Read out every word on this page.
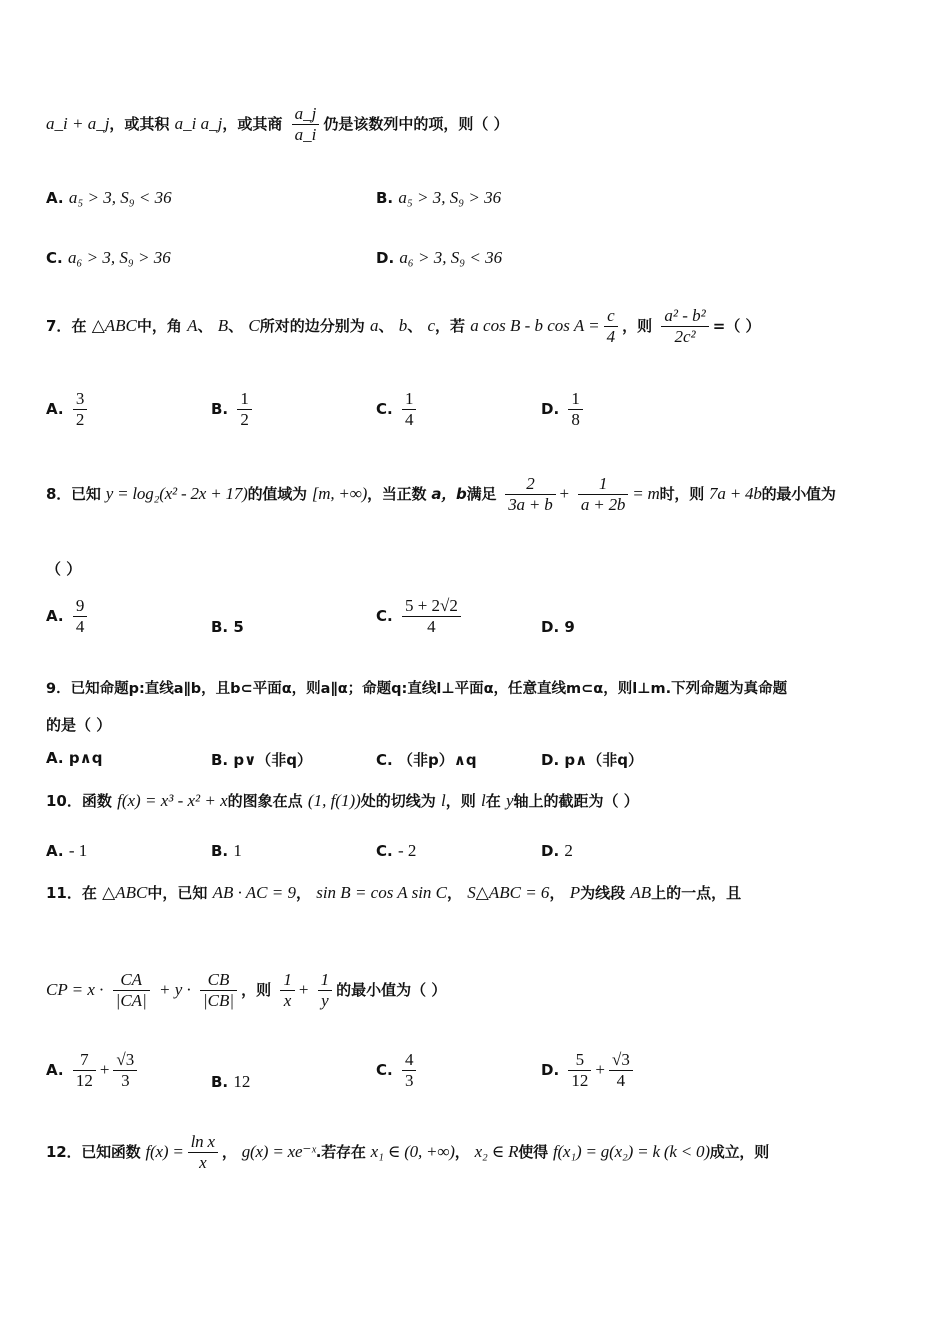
a_i + a_j，或其积 a_i a_j，或其商 $\frac{a\_j}{a\_i}$ 仍是该数列中的项，则（ ）
A. a₅ > 3, S₉ < 36	B. a₅ > 3, S₉ > 36
C. a₆ > 3, S₉ > 36	D. a₆ > 3, S₉ < 36
7．在 △ABC中，角 A、 B、 C所对的边分别为 a、 b、 c，若 a cos B - b $\cos A = \frac{c}{4}$ ，则 $\frac{\text{a² - b²}}{\text{2c²}}$ =（ ）
A. $\frac{3}{2}$	B. $\frac{1}{2}$	C. $\frac{1}{4}$	D. $\frac{1}{8}$
8．已知 y = log₂(x² - 2x + 17)的值域为 [m, +∞)，当正数 a，b满足 $\frac{2}{3a + b} + \frac{1}{a + 2b} = m$时，则 7a + 4b的最小值为
（ ）
A. $\frac{9}{4}$	B. 5
C. $\frac{5 + 2√2}{4}$	D. 9
9．已知命题p:直线a∥b，且b⊂平面α，则a∥α；命题q:直线l⊥平面α，任意直线m⊂α，则l⊥m.下列命题为真命题
的是（ ）
A. p∧q	B. p∨（非q）	C. （非p）∧q	D. p∧（非q）
10．函数 f(x) = x³ - x² + x的图象在点 (1, f(1))处的切线为 l，则 l在 y轴上的截距为（ ）
A. - 1	B. 1	C. - 2	D. 2
11．在 △ABC中，已知 AB · AC = 9， sin B = cos A sin C， S△ABC = 6， P为线段 AB上的一点，且
CP = $x \cdot \frac{CA}{|CA|} + y \cdot \frac{CB}{|CB|}$ ，则 $\frac{1}{x} + \frac{1}{y}$ 的最小值为（ ）
A. $\frac{7}{12} + \frac{√3}{3}$	B. 12
C. $\frac{4}{3}$	D. $\frac{5}{12} + \frac{√3}{4}$
12．已知函数 $f(x) = \frac{\text{ln x}}{x}$ ， g(x) = xe⁻ˣ.若存在 x₁ ∈ (0, +∞)， x₂ ∈ R使得 f(x₁) = g(x₂) = k (k < 0)成立，则
